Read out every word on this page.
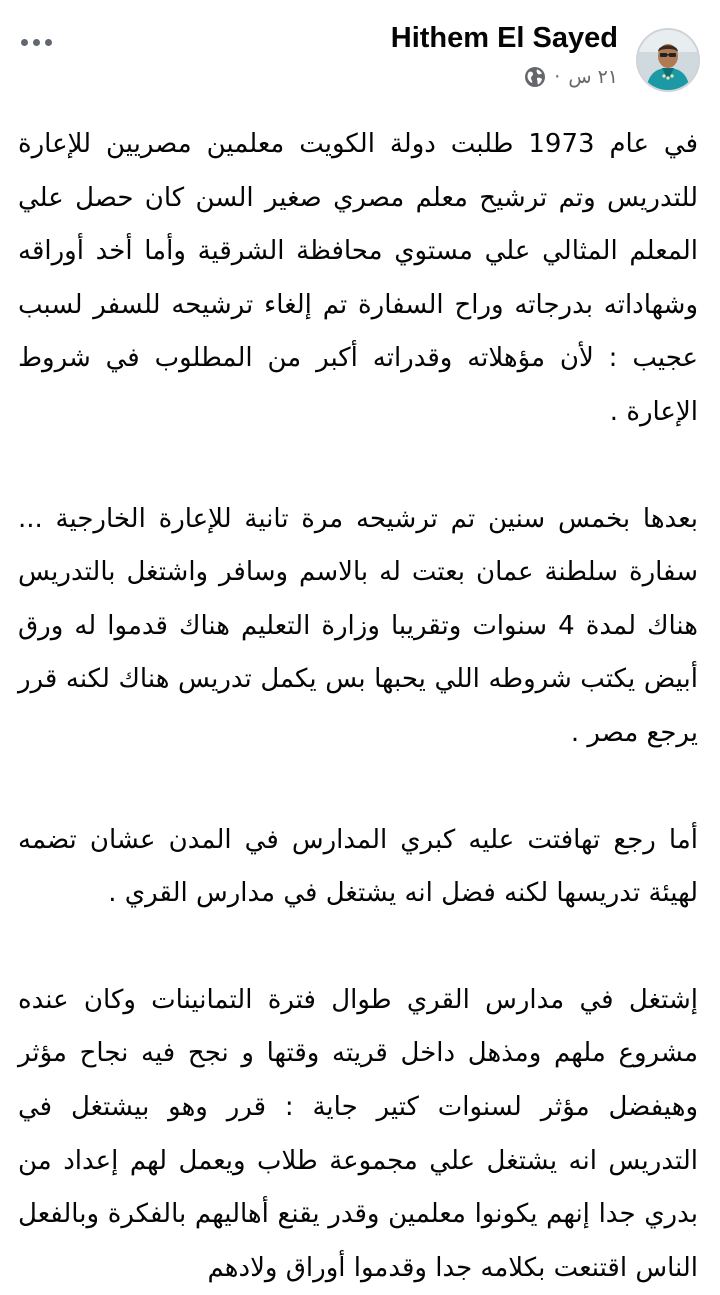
Hithem El Sayed
٢١ س
·

في عام 1973 طلبت دولة الكويت معلمين مصريين للإعارة للتدريس وتم ترشيح معلم مصري صغير السن كان حصل علي المعلم المثالي علي مستوي محافظة الشرقية وأما أخد أوراقه وشهاداته بدرجاته وراح السفارة تم إلغاء ترشيحه للسفر لسبب عجيب : لأن مؤهلاته وقدراته أكبر من المطلوب في شروط الإعارة .

بعدها بخمس سنين تم ترشيحه مرة تانية للإعارة الخارجية ... سفارة سلطنة عمان بعتت له بالاسم وسافر واشتغل بالتدريس هناك لمدة 4 سنوات وتقريبا وزارة التعليم هناك قدموا له ورق أبيض يكتب شروطه اللي يحبها بس يكمل تدريس هناك لكنه قرر يرجع مصر .

أما رجع تهافتت عليه كبري المدارس في المدن عشان تضمه لهيئة تدريسها لكنه فضل انه يشتغل في مدارس القري .

إشتغل في مدارس القري طوال فترة التمانينات وكان عنده مشروع ملهم ومذهل داخل قريته وقتها و نجح فيه نجاح مؤثر وهيفضل مؤثر لسنوات كتير جاية : قرر وهو بيشتغل في التدريس انه يشتغل علي مجموعة طلاب ويعمل لهم إعداد من بدري جدا إنهم يكونوا معلمين وقدر يقنع أهاليهم بالفكرة وبالفعل الناس اقتنعت بكلامه جدا وقدموا أوراق ولادهم
